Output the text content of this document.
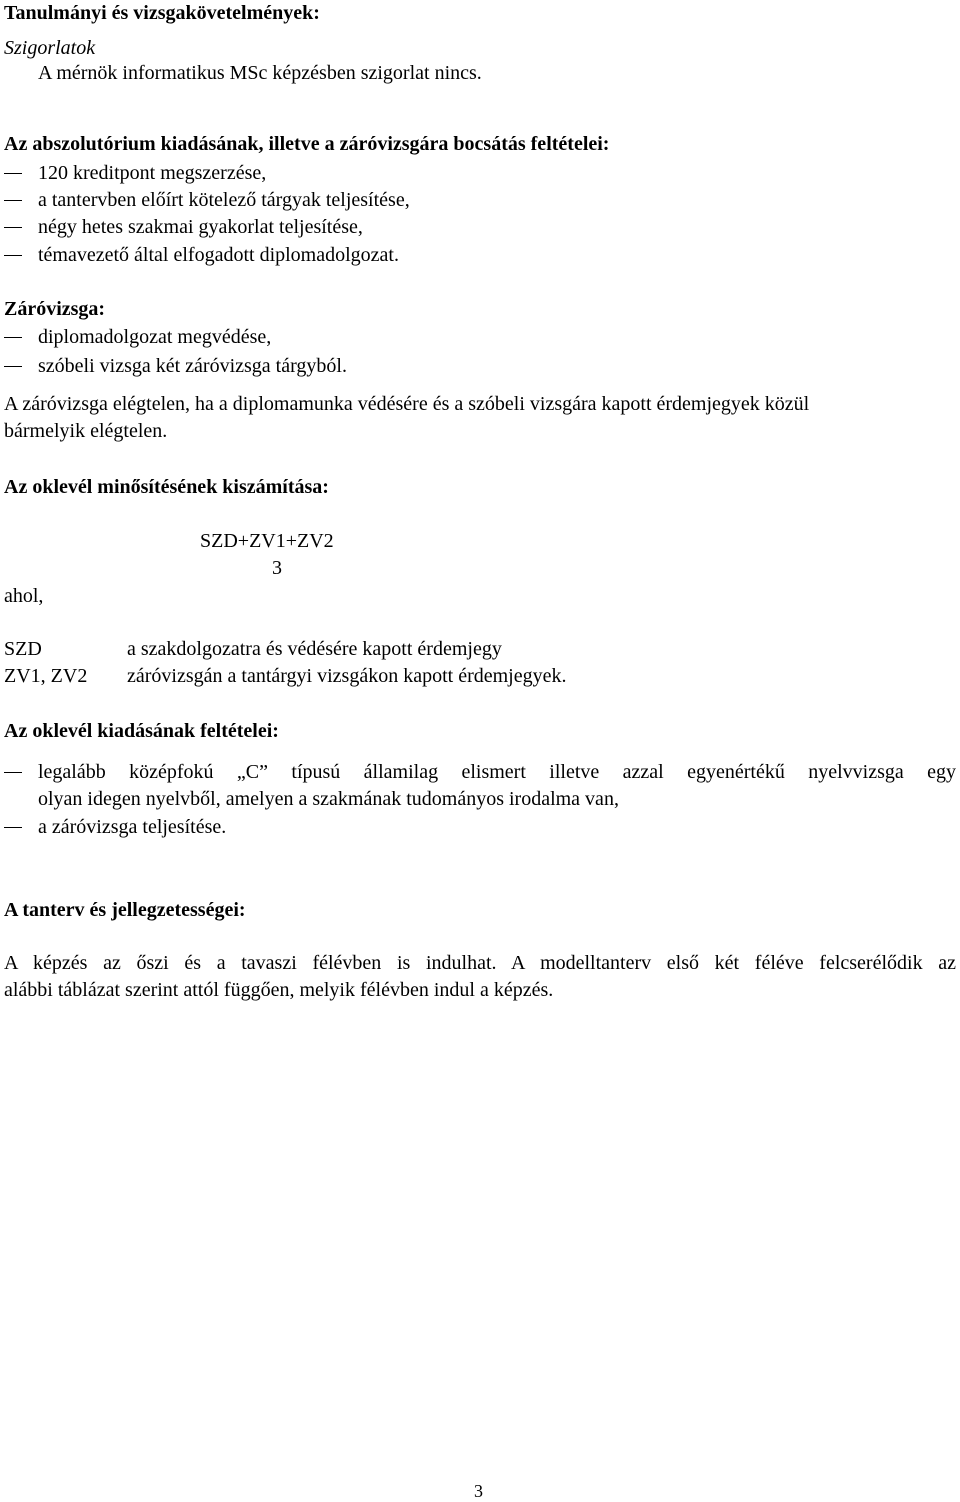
Tanulmányi és vizsgakövetelmények:
Szigorlatok
A mérnök informatikus MSc képzésben szigorlat nincs.
Az abszolutórium kiadásának, illetve a záróvizsgára bocsátás feltételei:
120 kreditpont megszerzése,
a tantervben előírt kötelező tárgyak teljesítése,
négy hetes szakmai gyakorlat teljesítése,
témavezető által elfogadott diplomadolgozat.
Záróvizsga:
diplomadolgozat megvédése,
szóbeli vizsga két záróvizsga tárgyból.
A záróvizsga elégtelen, ha a diplomamunka védésére és a szóbeli vizsgára kapott érdemjegyek közül
bármelyik elégtelen.
Az oklevél minősítésének kiszámítása:
SZD+ZV1+ZV2
3
ahol,
SZD	a szakdolgozatra és védésére kapott érdemjegy
ZV1, ZV2 záróvizsgán a tantárgyi vizsgákon kapott érdemjegyek.
Az oklevél kiadásának feltételei:
legalább középfokú „C” típusú államilag elismert illetve azzal egyenértékű nyelvvizsga egy
olyan idegen nyelvből, amelyen a szakmának tudományos irodalma van,
a záróvizsga teljesítése.
A tanterv és jellegzetességei:
A képzés az őszi és a tavaszi félévben is indulhat. A modelltanterv első két féléve felcserélődik az
alábbi táblázat szerint attól függően, melyik félévben indul a képzés.
3
